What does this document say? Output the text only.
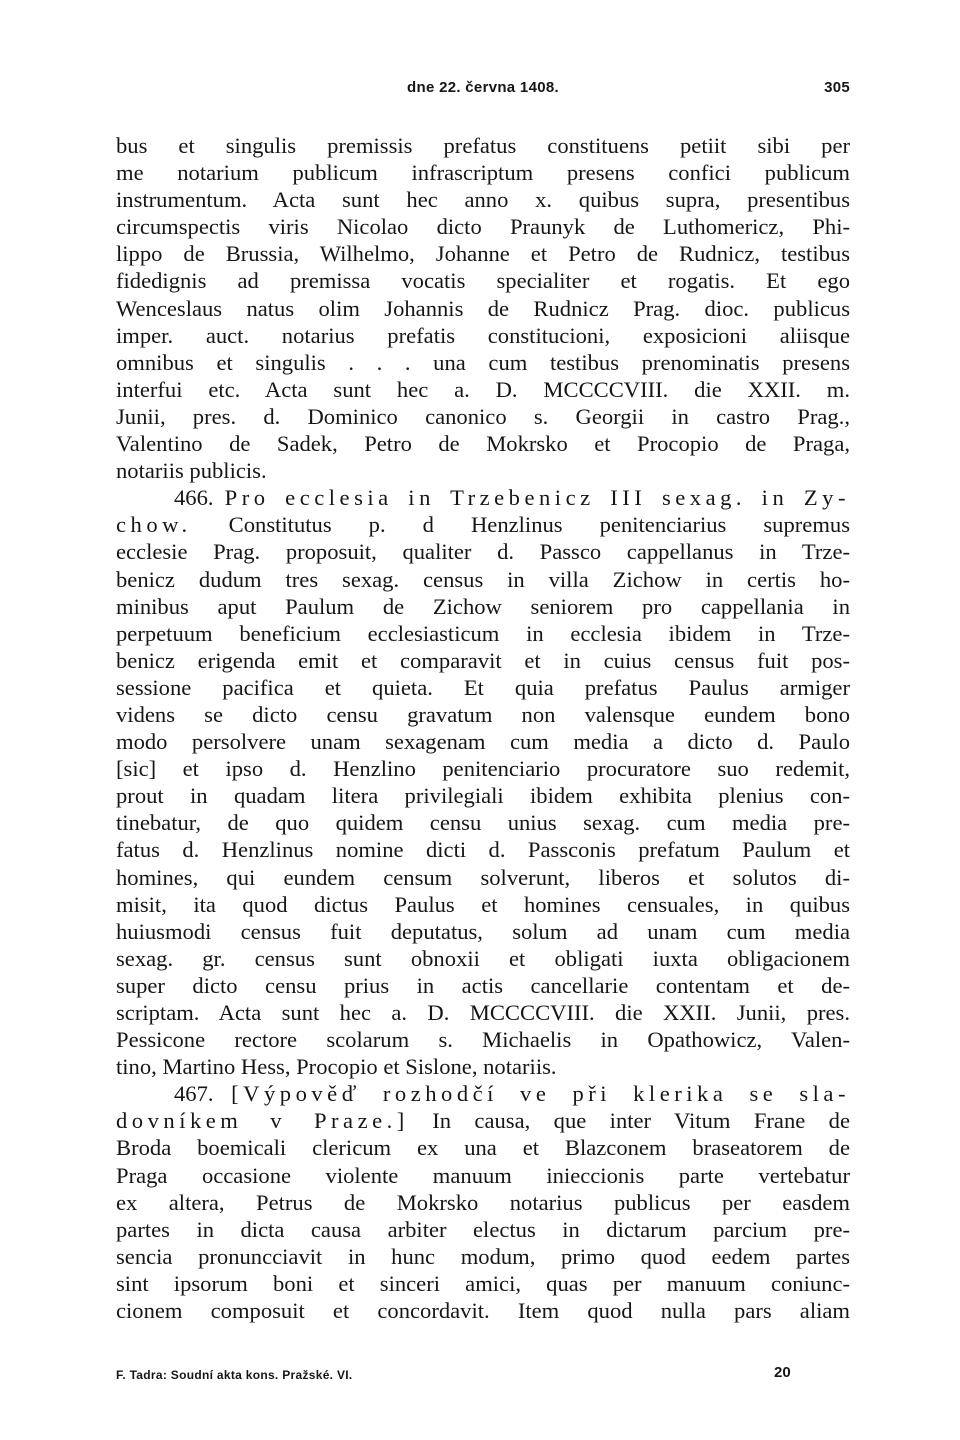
dne 22. června 1408.	305
bus et singulis premissis prefatus constituens petiit sibi per
me notarium publicum infrascriptum presens confici publicum
instrumentum. Acta sunt hec anno x. quibus supra, presentibus
circumspectis viris Nicolao dicto Praunyk de Luthomericz, Phi-
lippo de Brussia, Wilhelmo, Johanne et Petro de Rudnicz, testibus
fidedignis ad premissa vocatis specialiter et rogatis. Et ego
Wenceslaus natus olim Johannis de Rudnicz Prag. dioc. publicus
imper. auct. notarius prefatis constitucioni, exposicioni aliisque
omnibus et singulis . . . una cum testibus prenominatis presens
interfui etc. Acta sunt hec a. D. MCCCCVIII. die XXII. m.
Junii, pres. d. Dominico canonico s. Georgii in castro Prag.,
Valentino de Sadek, Petro de Mokrsko et Procopio de Praga,
notariis publicis.
466. Pro ecclesia in Trzebenicz III sexag. in Zy-
chow. Constitutus p. d Henzlinus penitenciarius supremus
ecclesie Prag. proposuit, qualiter d. Passco cappellanus in Trze-
benicz dudum tres sexag. census in villa Zichow in certis ho-
minibus aput Paulum de Zichow seniorem pro cappellania in
perpetuum beneficium ecclesiasticum in ecclesia ibidem in Trze-
benicz erigenda emit et comparavit et in cuius census fuit pos-
sessione pacifica et quieta. Et quia prefatus Paulus armiger
videns se dicto censu gravatum non valensque eundem bono
modo persolvere unam sexagenam cum media a dicto d. Paulo
[sic] et ipso d. Henzlino penitenciario procuratore suo redemit,
prout in quadam litera privilegiali ibidem exhibita plenius con-
tinebatur, de quo quidem censu unius sexag. cum media pre-
fatus d. Henzlinus nomine dicti d. Passconis prefatum Paulum et
homines, qui eundem censum solverunt, liberos et solutos di-
misit, ita quod dictus Paulus et homines censuales, in quibus
huiusmodi census fuit deputatus, solum ad unam cum media
sexag. gr. census sunt obnoxii et obligati iuxta obligacionem
super dicto censu prius in actis cancellarie contentam et de-
scriptam. Acta sunt hec a. D. MCCCCVIII. die XXII. Junii, pres.
Pessicone rectore scolarum s. Michaelis in Opathowicz, Valen-
tino, Martino Hess, Procopio et Sislone, notariis.
467. [Výpověď rozhodčí ve při klerika se sla-
dovníkem v Praze.] In causa, que inter Vitum Frane de
Broda boemicali clericum ex una et Blazconem braseatorem de
Praga occasione violente manuum inieccionis parte vertebatur
ex altera, Petrus de Mokrsko notarius publicus per easdem
partes in dicta causa arbiter electus in dictarum parcium pre-
sencia pronuncciavit in hunc modum, primo quod eedem partes
sint ipsorum boni et sinceri amici, quas per manuum coniunc-
cionem composuit et concordavit. Item quod nulla pars aliam
F. Tadra: Soudní akta kons. Pražské. VI.	20
